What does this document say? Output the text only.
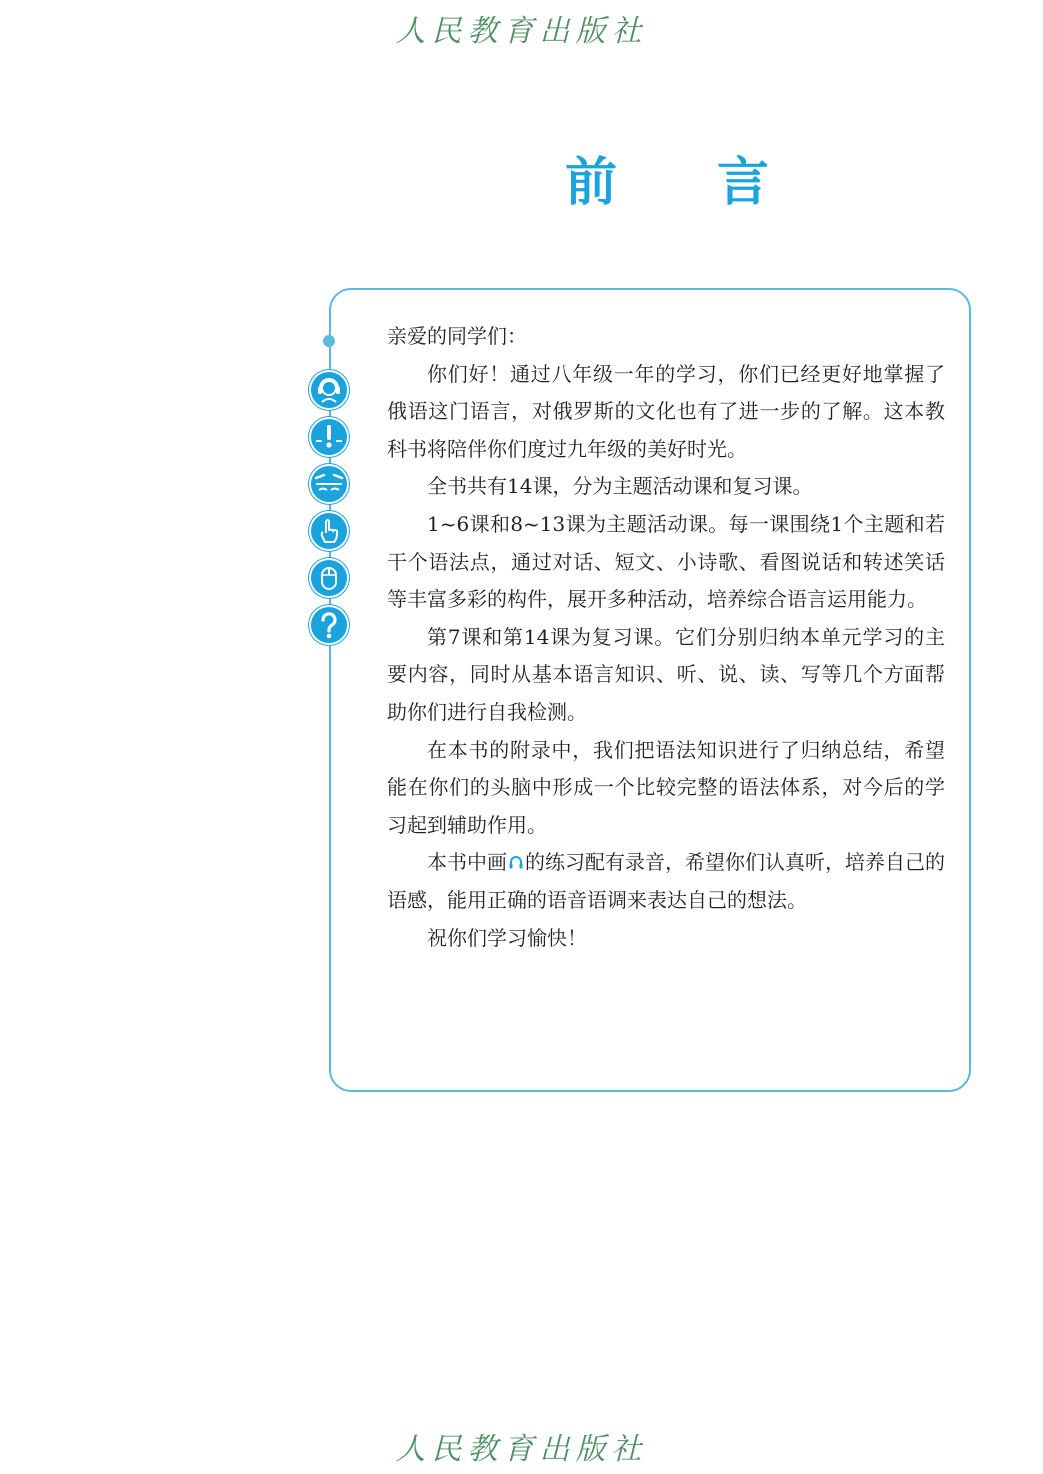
人民教育出版社
前 言

亲爱的同学们：

你们好！通过八年级一年的学习，你们已经更好地掌握了俄语这门语言，对俄罗斯的文化也有了进一步的了解。这本教科书将陪伴你们度过九年级的美好时光。

全书共有14课，分为主题活动课和复习课。

1~6课和8~13课为主题活动课。每一课围绕1个主题和若干个语法点，通过对话、短文、小诗歌、看图说话和转述笑话等丰富多彩的构件，展开多种活动，培养综合语言运用能力。

第7课和第14课为复习课。它们分别归纳本单元学习的主要内容，同时从基本语言知识、听、说、读、写等几个方面帮助你们进行自我检测。

在本书的附录中，我们把语法知识进行了归纳总结，希望能在你们的头脑中形成一个比较完整的语法体系，对今后的学习起到辅助作用。

本书中画 的练习配有录音，希望你们认真听，培养自己的语感，能用正确的语音语调来表达自己的想法。

祝你们学习愉快！

人民教育出版社
